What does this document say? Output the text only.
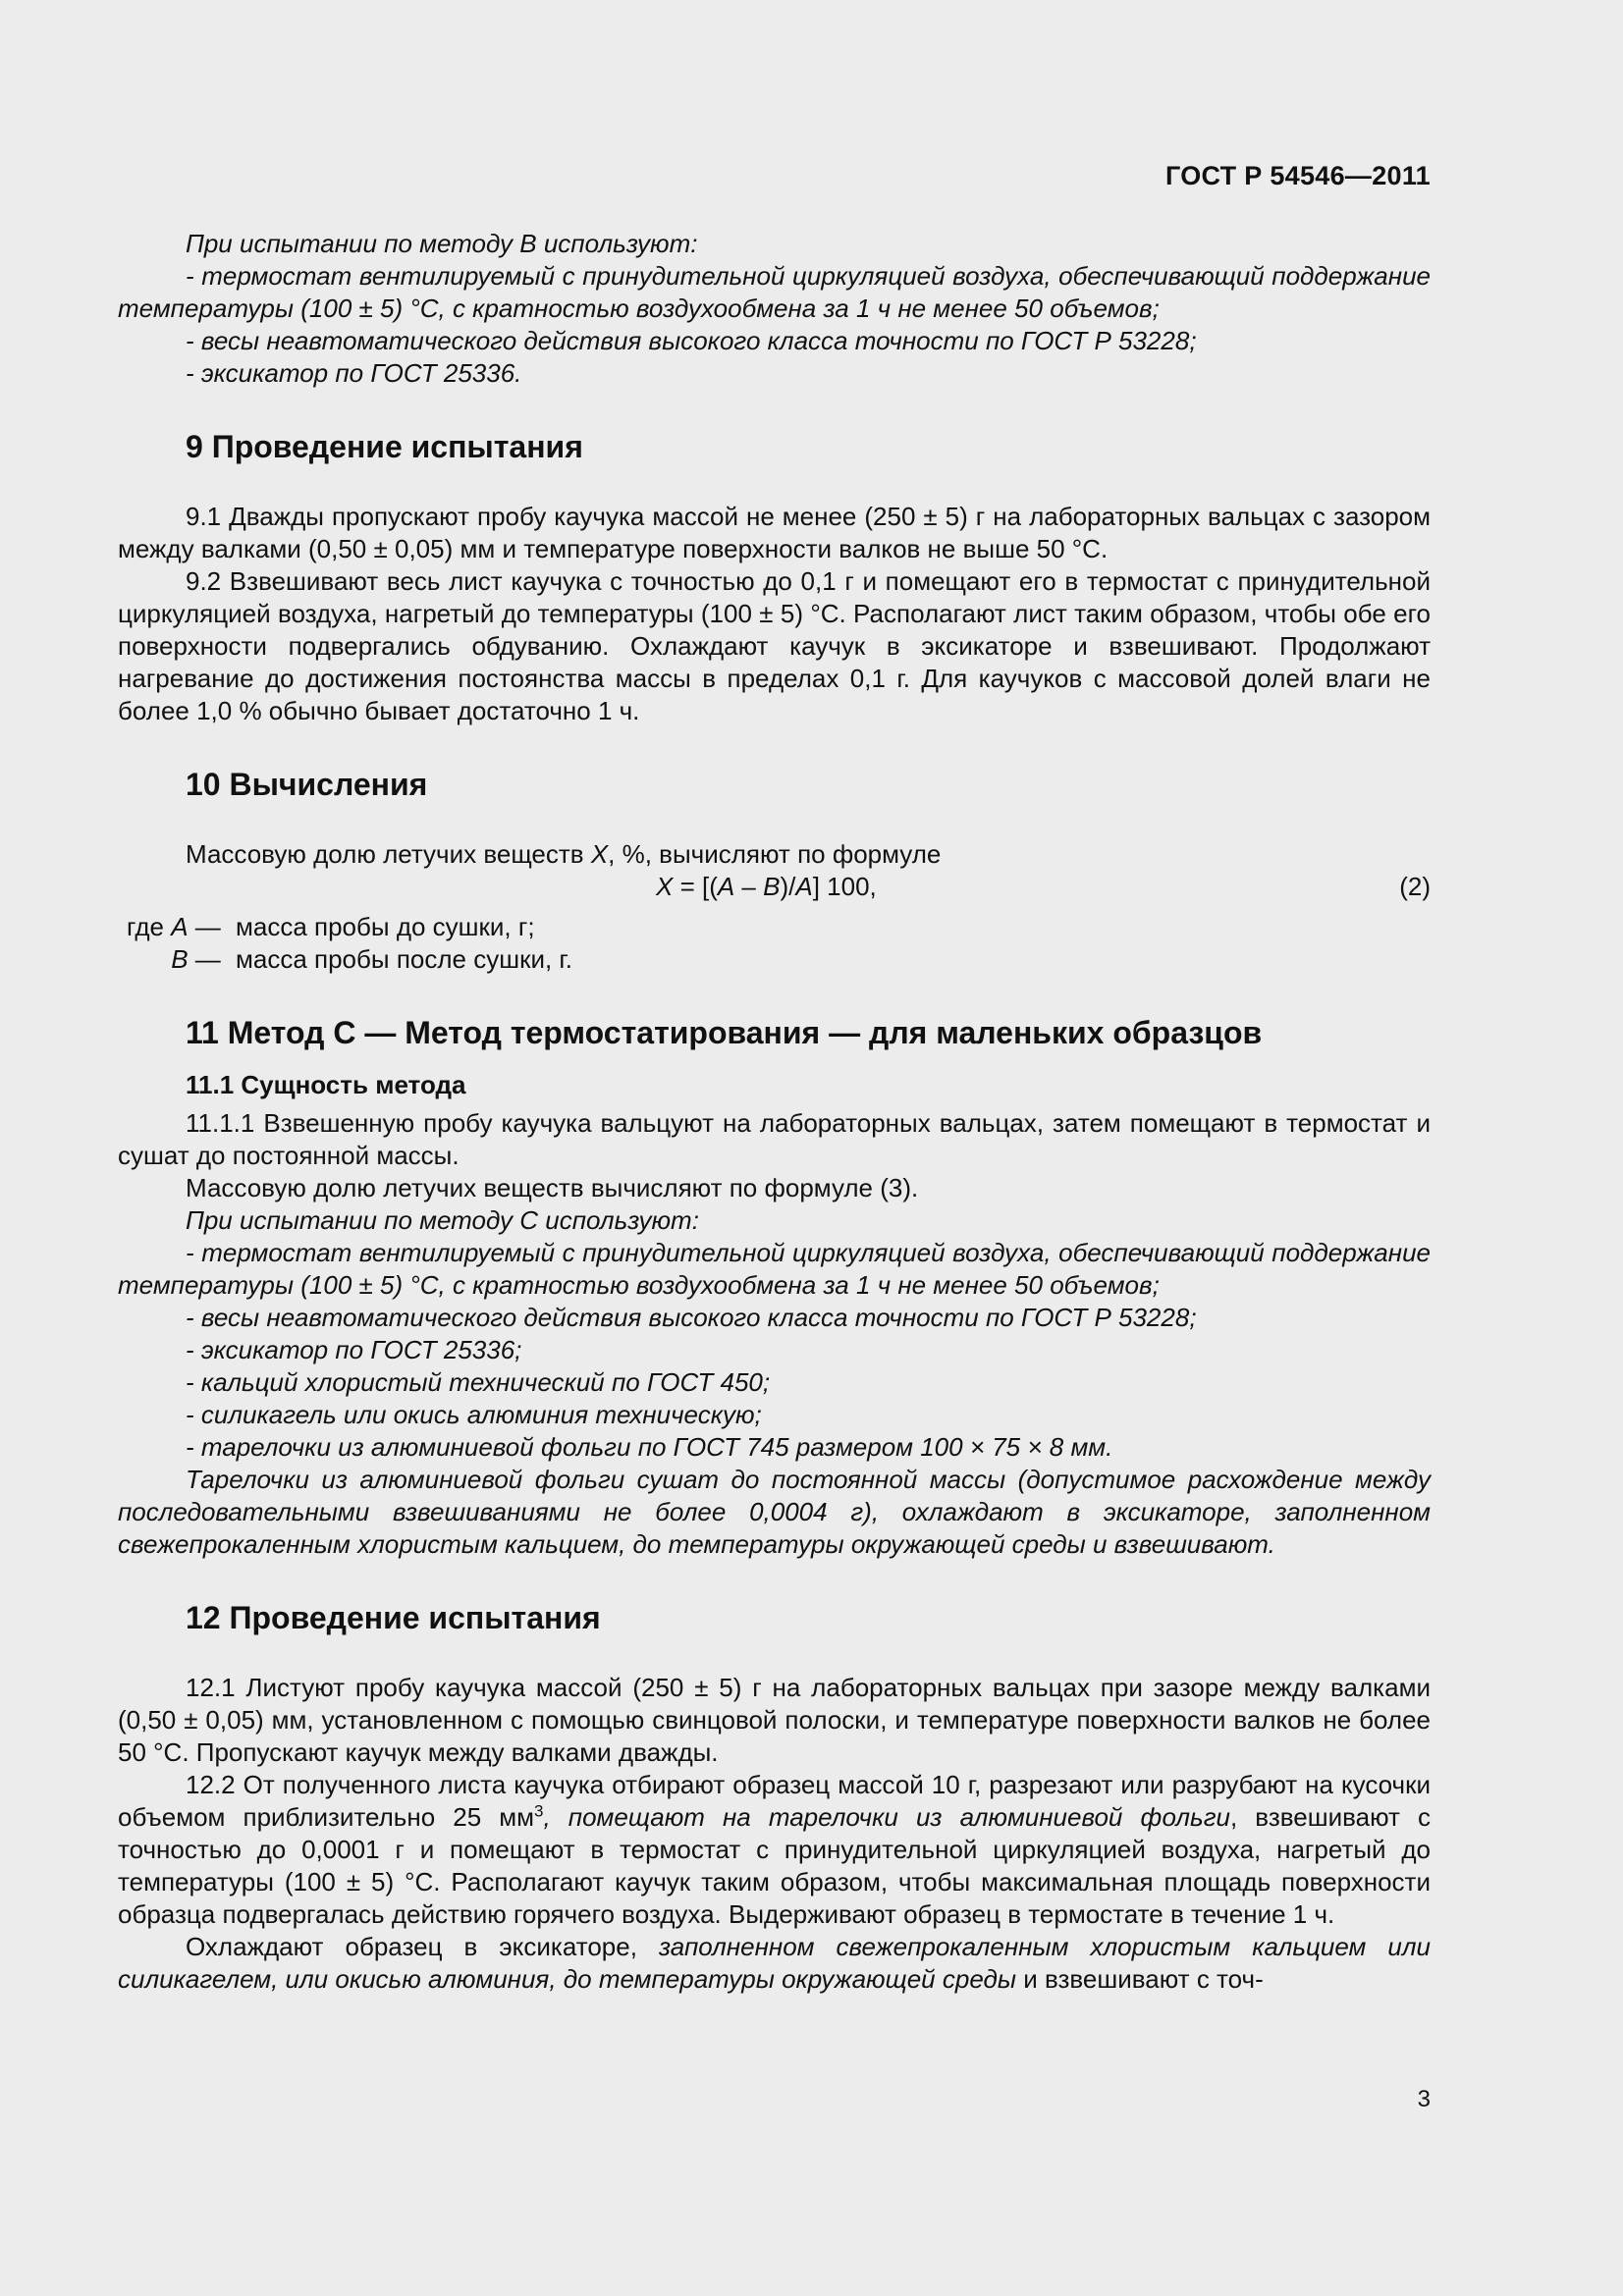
ГОСТ Р 54546—2011

При испытании по методу В используют:

- термостат вентилируемый с принудительной циркуляцией воздуха, обеспечивающий поддержание температуры (100 ± 5) °С, с кратностью воздухообмена за 1 ч не менее 50 объемов;

- весы неавтоматического действия высокого класса точности по ГОСТ Р 53228;

- эксикатор по ГОСТ 25336.

9 Проведение испытания

9.1 Дважды пропускают пробу каучука массой не менее (250 ± 5) г на лабораторных вальцах с зазором между валками (0,50 ± 0,05) мм и температуре поверхности валков не выше 50 °С.

9.2 Взвешивают весь лист каучука с точностью до 0,1 г и помещают его в термостат с принудительной циркуляцией воздуха, нагретый до температуры (100 ± 5) °С. Располагают лист таким образом, чтобы обе его поверхности подвергались обдуванию. Охлаждают каучук в эксикаторе и взвешивают. Продолжают нагревание до достижения постоянства массы в пределах 0,1 г. Для каучуков с массовой долей влаги не более 1,0 % обычно бывает достаточно 1 ч.

10 Вычисления

Массовую долю летучих веществ X, %, вычисляют по формуле

X = [(A – B)/A] 100,	(2)
где A — масса пробы до сушки, г;
B — масса пробы после сушки, г.
11 Метод С — Метод термостатирования — для маленьких образцов
11.1 Сущность метода

11.1.1 Взвешенную пробу каучука вальцуют на лабораторных вальцах, затем помещают в термостат и сушат до постоянной массы.

Массовую долю летучих веществ вычисляют по формуле (3).

При испытании по методу С используют:

- термостат вентилируемый с принудительной циркуляцией воздуха, обеспечивающий поддержание температуры (100 ± 5) °С, с кратностью воздухообмена за 1 ч не менее 50 объемов;

- весы неавтоматического действия высокого класса точности по ГОСТ Р 53228;

- эксикатор по ГОСТ 25336;

- кальций хлористый технический по ГОСТ 450;

- силикагель или окись алюминия техническую;

- тарелочки из алюминиевой фольги по ГОСТ 745 размером 100 × 75 × 8 мм.

Тарелочки из алюминиевой фольги сушат до постоянной массы (допустимое расхождение между последовательными взвешиваниями не более 0,0004 г), охлаждают в эксикаторе, заполненном свежепрокаленным хлористым кальцием, до температуры окружающей среды и взвешивают.

12 Проведение испытания

12.1 Листуют пробу каучука массой (250 ± 5) г на лабораторных вальцах при зазоре между валками (0,50 ± 0,05) мм, установленном с помощью свинцовой полоски, и температуре поверхности валков не более 50 °С. Пропускают каучук между валками дважды.

12.2 От полученного листа каучука отбирают образец массой 10 г, разрезают или разрубают на кусочки объемом приблизительно 25 $мм^3$, помещают на тарелочки из алюминиевой фольги, взвешивают с точностью до 0,0001 г и помещают в термостат с принудительной циркуляцией воздуха, нагретый до температуры (100 ± 5) °С. Располагают каучук таким образом, чтобы максимальная площадь поверхности образца подвергалась действию горячего воздуха. Выдерживают образец в термостате в течение 1 ч.

Охлаждают образец в эксикаторе, заполненном свежепрокаленным хлористым кальцием или силикагелем, или окисью алюминия, до температуры окружающей среды и взвешивают с точ-

3
